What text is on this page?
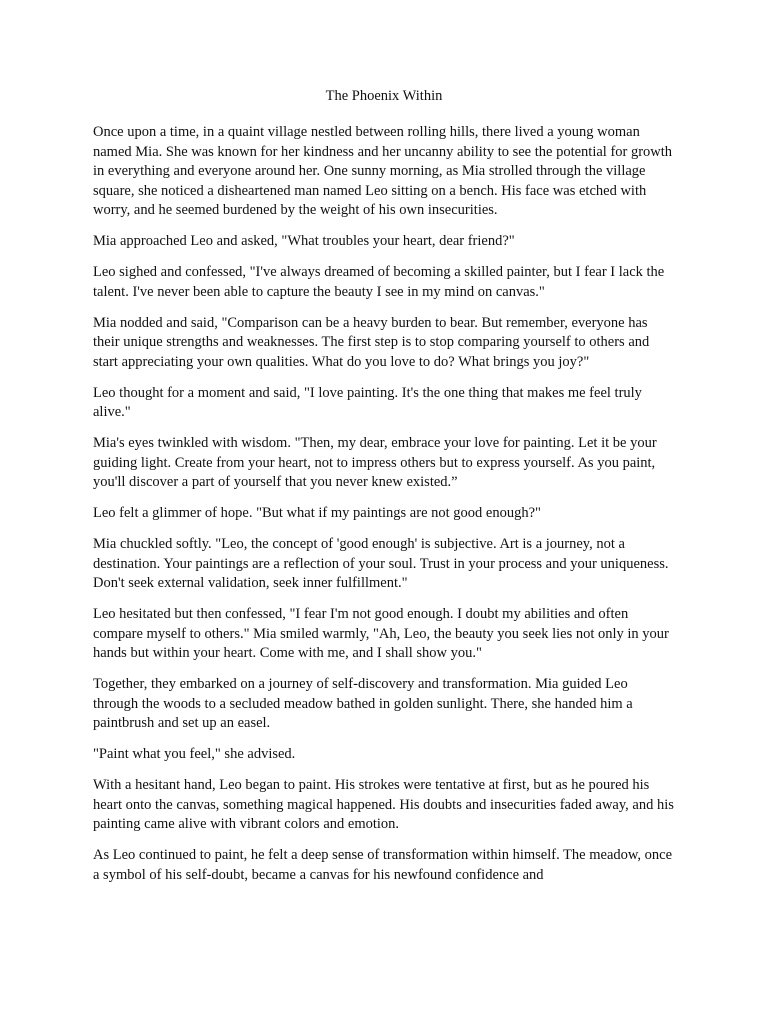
The Phoenix Within

Once upon a time, in a quaint village nestled between rolling hills, there lived a young woman named Mia. She was known for her kindness and her uncanny ability to see the potential for growth in everything and everyone around her. One sunny morning, as Mia strolled through the village square, she noticed a disheartened man named Leo sitting on a bench. His face was etched with worry, and he seemed burdened by the weight of his own insecurities.

Mia approached Leo and asked, "What troubles your heart, dear friend?"

Leo sighed and confessed, "I've always dreamed of becoming a skilled painter, but I fear I lack the talent. I've never been able to capture the beauty I see in my mind on canvas."

Mia nodded and said, "Comparison can be a heavy burden to bear. But remember, everyone has their unique strengths and weaknesses. The first step is to stop comparing yourself to others and start appreciating your own qualities. What do you love to do? What brings you joy?"

Leo thought for a moment and said, "I love painting. It's the one thing that makes me feel truly alive."

Mia's eyes twinkled with wisdom. "Then, my dear, embrace your love for painting. Let it be your guiding light. Create from your heart, not to impress others but to express yourself. As you paint, you'll discover a part of yourself that you never knew existed.”

Leo felt a glimmer of hope. "But what if my paintings are not good enough?"

Mia chuckled softly. "Leo, the concept of 'good enough' is subjective. Art is a journey, not a destination. Your paintings are a reflection of your soul. Trust in your process and your uniqueness. Don't seek external validation, seek inner fulfillment."

Leo hesitated but then confessed, "I fear I'm not good enough. I doubt my abilities and often compare myself to others." Mia smiled warmly, "Ah, Leo, the beauty you seek lies not only in your hands but within your heart. Come with me, and I shall show you."

Together, they embarked on a journey of self-discovery and transformation. Mia guided Leo through the woods to a secluded meadow bathed in golden sunlight. There, she handed him a paintbrush and set up an easel.

"Paint what you feel," she advised.

With a hesitant hand, Leo began to paint. His strokes were tentative at first, but as he poured his heart onto the canvas, something magical happened. His doubts and insecurities faded away, and his painting came alive with vibrant colors and emotion.

As Leo continued to paint, he felt a deep sense of transformation within himself. The meadow, once a symbol of his self-doubt, became a canvas for his newfound confidence and
